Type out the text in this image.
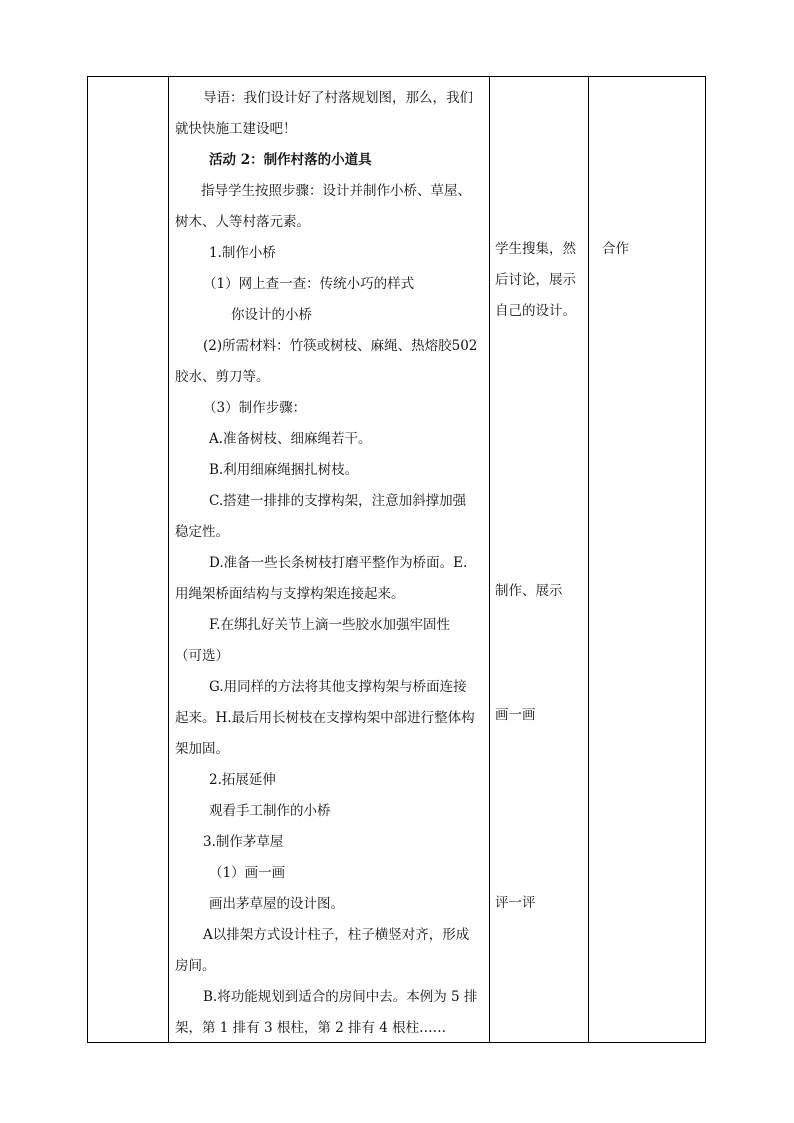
导语：我们设计好了村落规划图，那么，我们
就快快施工建设吧！
活动 2：制作村落的小道具
指导学生按照步骤：设计并制作小桥、草屋、
树木、人等村落元素。
1.制作小桥
（1）网上查一查：传统小巧的样式
你设计的小桥
(2)所需材料：竹筷或树枝、麻绳、热熔胶502
胶水、剪刀等。
（3）制作步骤：
A.准备树枝、细麻绳若干。
B.利用细麻绳捆扎树枝。
C.搭建一排排的支撑构架，注意加斜撑加强
稳定性。
D.准备一些长条树枝打磨平整作为桥面。E.
用绳架桥面结构与支撑构架连接起来。
F.在绑扎好关节上滴一些胶水加强牢固性
（可选）
G.用同样的方法将其他支撑构架与桥面连接
起来。H.最后用长树枝在支撑构架中部进行整体构
架加固。
2.拓展延伸
观看手工制作的小桥
3.制作茅草屋
（1）画一画
画出茅草屋的设计图。
A以排架方式设计柱子，柱子横竖对齐，形成
房间。
B.将功能规划到适合的房间中去。本例为 5 排
架，第 1 排有 3 根柱，第 2 排有 4 根柱……
学生搜集，然
后讨论，展示
自己的设计。
制作、展示
画一画
评一评
合作
